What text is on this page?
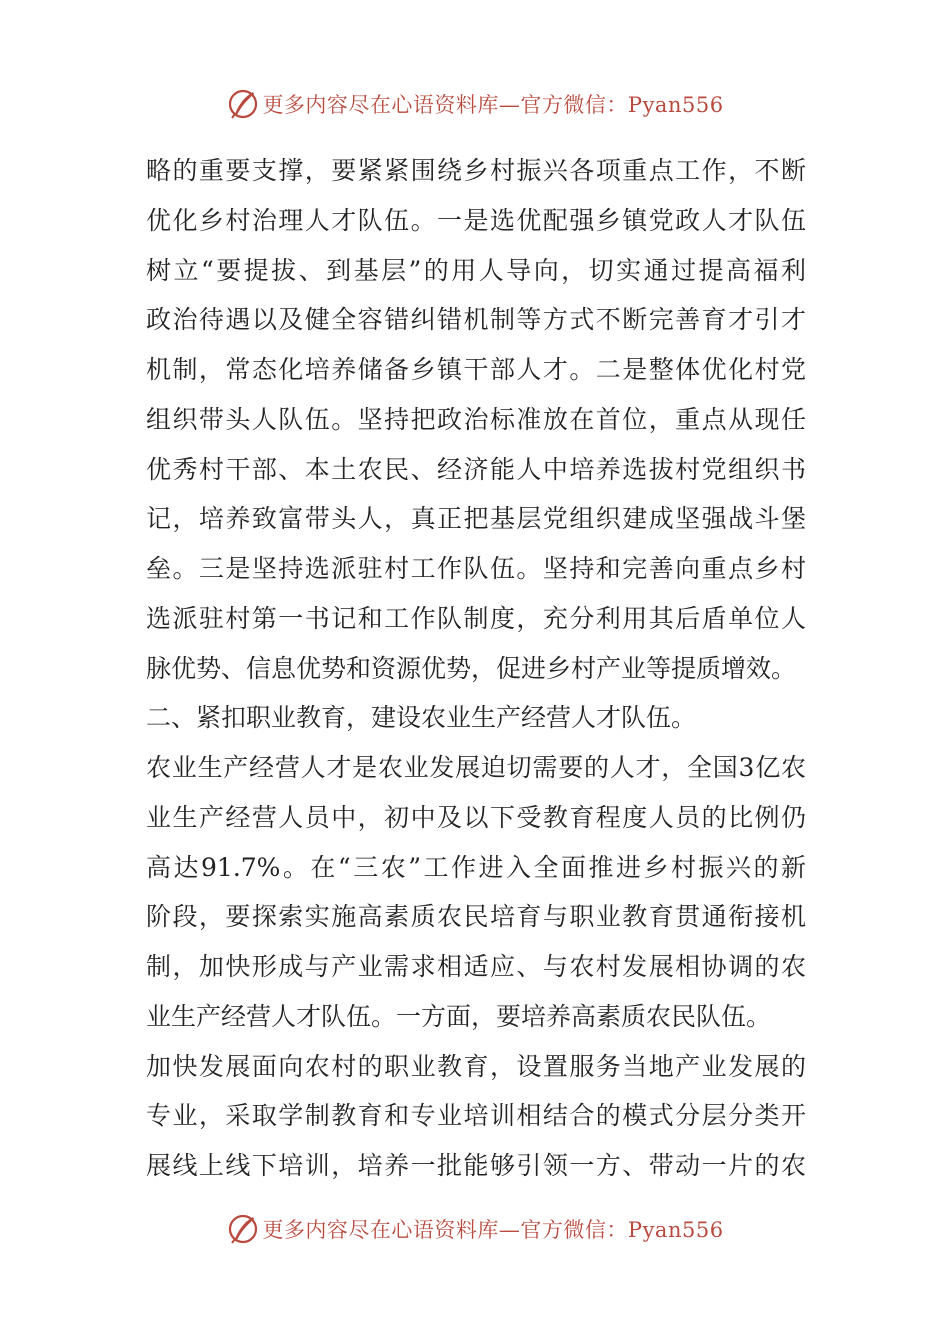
更多内容尽在心语资料库—官方微信：Pyan556
略的重要支撑，要紧紧围绕乡村振兴各项重点工作，不断
优化乡村治理人才队伍。一是选优配强乡镇党政人才队伍
树立“要提拔、到基层”的用人导向，切实通过提高福利
政治待遇以及健全容错纠错机制等方式不断完善育才引才
机制，常态化培养储备乡镇干部人才。二是整体优化村党
组织带头人队伍。坚持把政治标准放在首位，重点从现任
优秀村干部、本土农民、经济能人中培养选拔村党组织书
记，培养致富带头人，真正把基层党组织建成坚强战斗堡
垒。三是坚持选派驻村工作队伍。坚持和完善向重点乡村
选派驻村第一书记和工作队制度，充分利用其后盾单位人
脉优势、信息优势和资源优势，促进乡村产业等提质增效。
二、紧扣职业教育，建设农业生产经营人才队伍。
农业生产经营人才是农业发展迫切需要的人才，全国3亿农
业生产经营人员中，初中及以下受教育程度人员的比例仍
高达91.7%。在“三农”工作进入全面推进乡村振兴的新
阶段，要探索实施高素质农民培育与职业教育贯通衔接机
制，加快形成与产业需求相适应、与农村发展相协调的农
业生产经营人才队伍。一方面，要培养高素质农民队伍。
加快发展面向农村的职业教育，设置服务当地产业发展的
专业，采取学制教育和专业培训相结合的模式分层分类开
展线上线下培训，培养一批能够引领一方、带动一片的农
更多内容尽在心语资料库—官方微信：Pyan556
